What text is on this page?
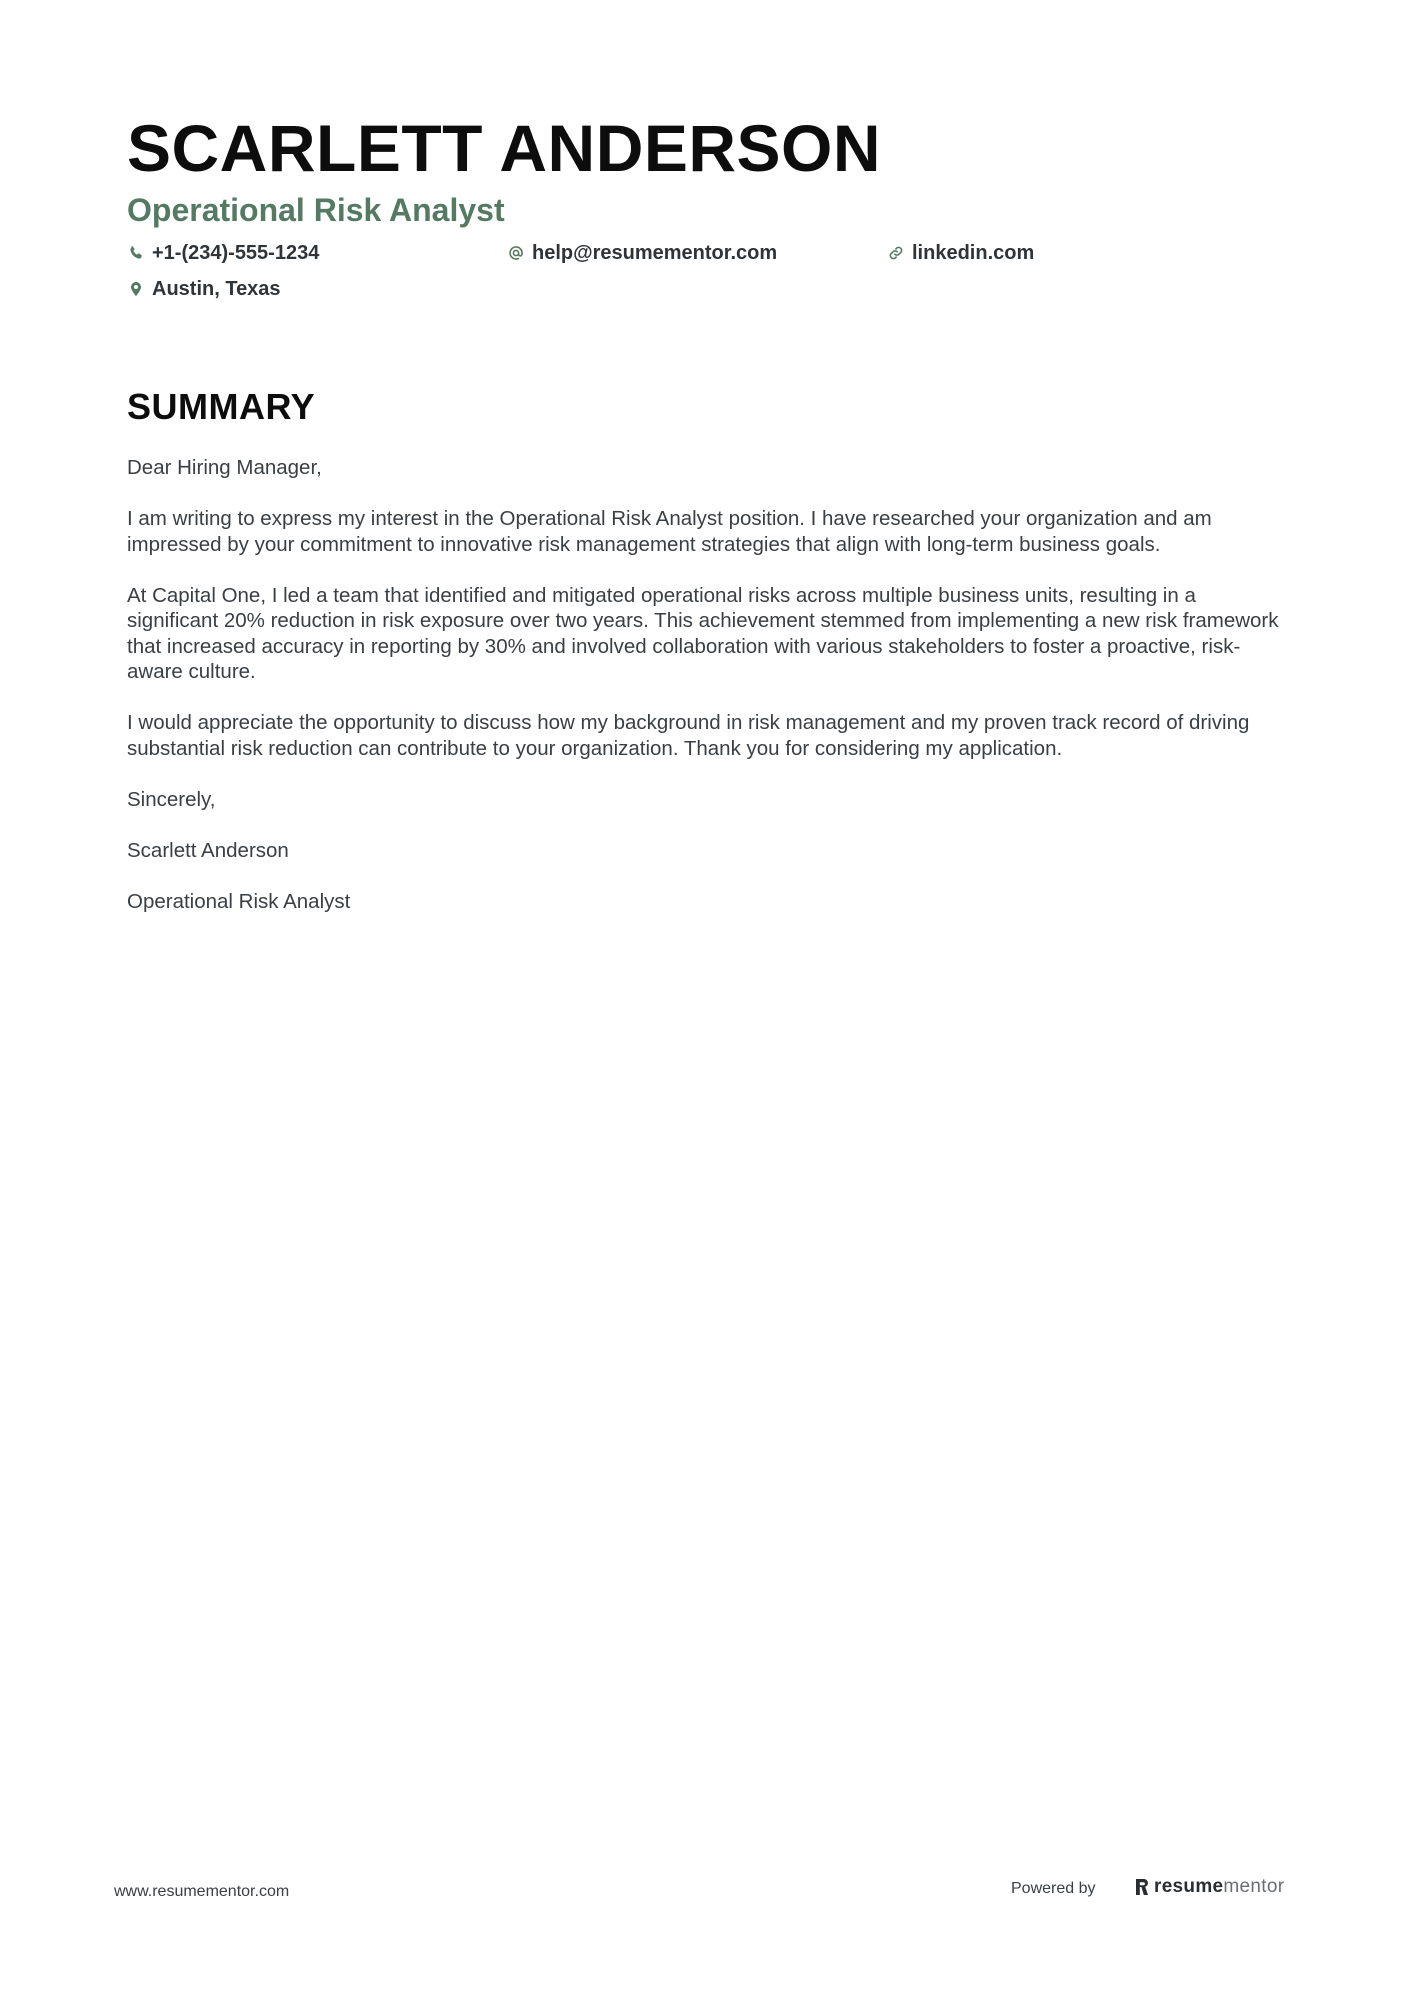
SCARLETT ANDERSON
Operational Risk Analyst
+1-(234)-555-1234	help@resumementor.com	linkedin.com
Austin, Texas
SUMMARY

Dear Hiring Manager,

I am writing to express my interest in the Operational Risk Analyst position. I have researched your organization and am impressed by your commitment to innovative risk management strategies that align with long-term business goals.

At Capital One, I led a team that identified and mitigated operational risks across multiple business units, resulting in a significant 20% reduction in risk exposure over two years. This achievement stemmed from implementing a new risk framework that increased accuracy in reporting by 30% and involved collaboration with various stakeholders to foster a proactive, risk-aware culture.

I would appreciate the opportunity to discuss how my background in risk management and my proven track record of driving substantial risk reduction can contribute to your organization. Thank you for considering my application.

Sincerely,

Scarlett Anderson

Operational Risk Analyst

www.resumementor.com	Powered by	resume mentor
